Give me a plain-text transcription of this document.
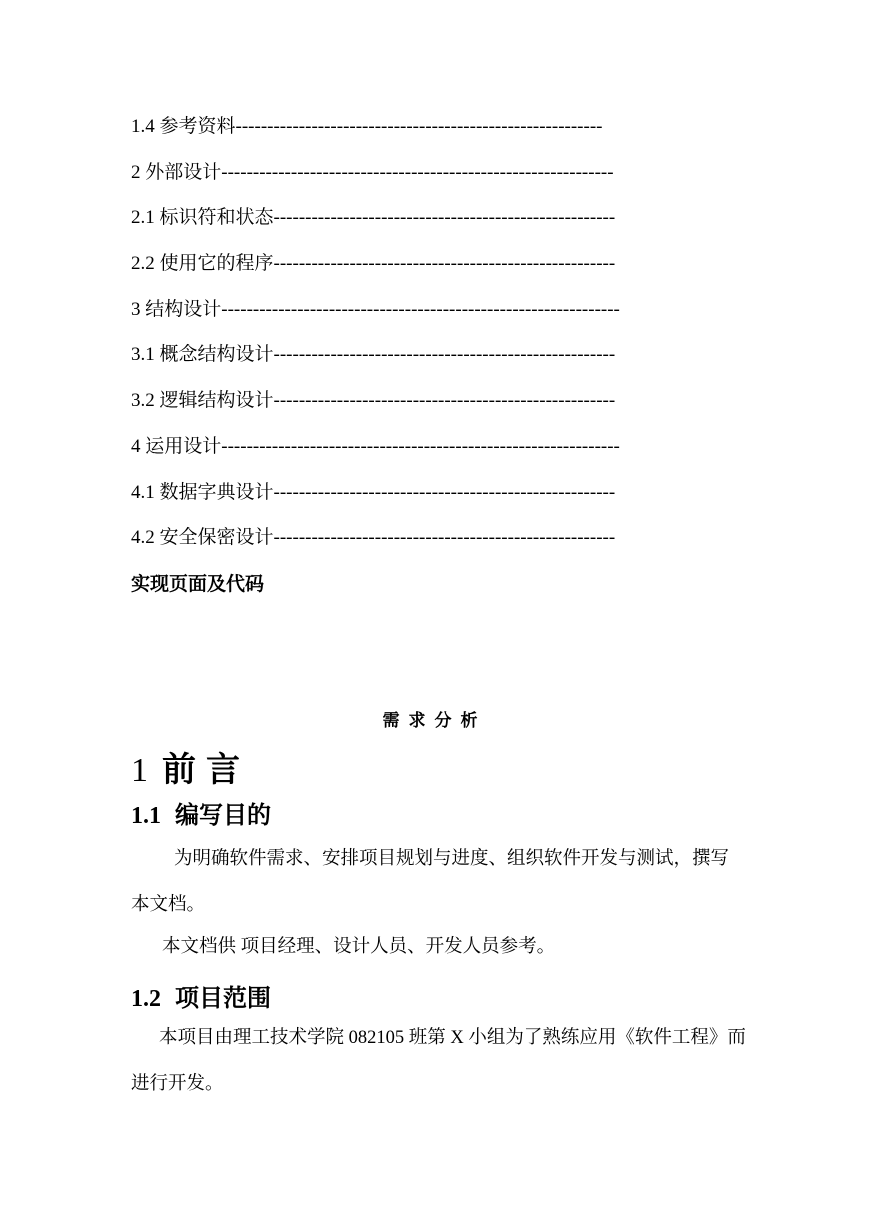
1.4 参考资料----------------------------------------------------------
2 外部设计--------------------------------------------------------------
2.1 标识符和状态------------------------------------------------------
2.2 使用它的程序------------------------------------------------------
3 结构设计---------------------------------------------------------------
3.1 概念结构设计------------------------------------------------------
3.2 逻辑结构设计------------------------------------------------------
4 运用设计---------------------------------------------------------------
4.1 数据字典设计------------------------------------------------------
4.2 安全保密设计------------------------------------------------------
实现页面及代码
需求分析
1 前言
1.1 编写目的
为明确软件需求、安排项目规划与进度、组织软件开发与测试，撰写本文档。
本文档供 项目经理、设计人员、开发人员参考。
1.2 项目范围
本项目由理工技术学院 082105 班第 X 小组为了熟练应用《软件工程》而进行开发。
